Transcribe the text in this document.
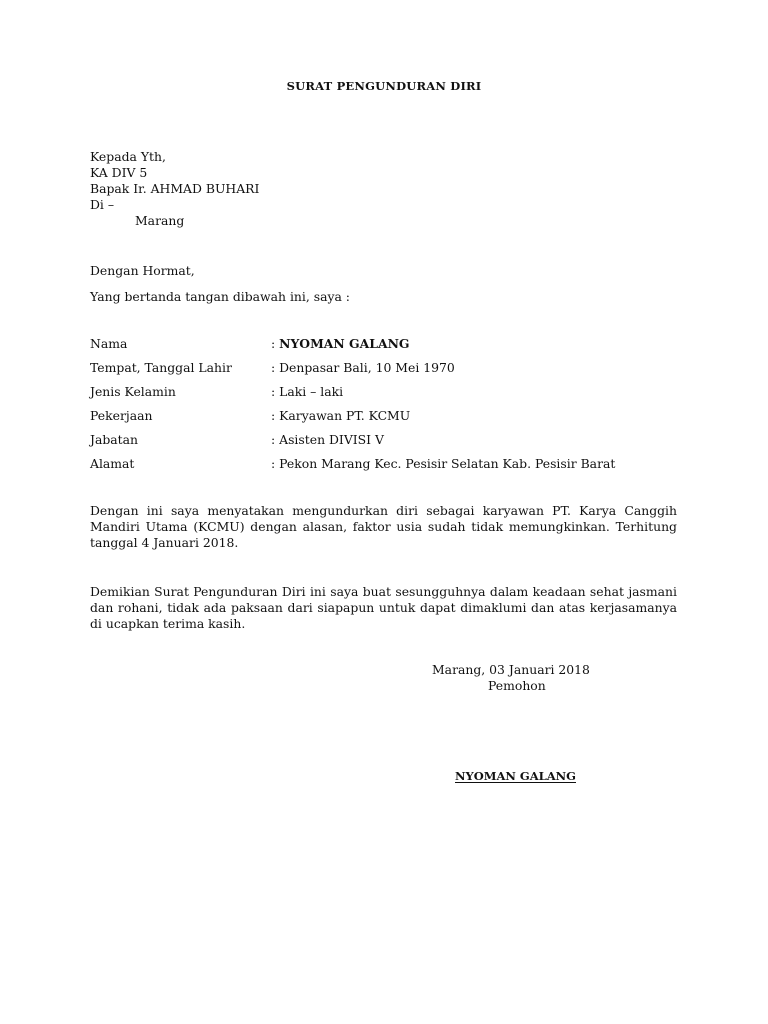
SURAT PENGUNDURAN DIRI
Kepada Yth,
KA DIV 5
Bapak Ir. AHMAD BUHARI
Di –
Marang
Dengan Hormat,
Yang bertanda tangan dibawah ini, saya :
Nama	: NYOMAN GALANG
Tempat, Tanggal Lahir	: Denpasar Bali, 10 Mei 1970
Jenis Kelamin	: Laki – laki
Pekerjaan	: Karyawan PT. KCMU
Jabatan	: Asisten DIVISI V
Alamat	: Pekon Marang Kec. Pesisir Selatan Kab. Pesisir Barat
Dengan ini saya menyatakan mengundurkan diri sebagai karyawan PT. Karya Canggih Mandiri Utama (KCMU) dengan alasan, faktor usia sudah tidak memungkinkan. Terhitung tanggal 4 Januari 2018.
Demikian Surat Pengunduran Diri ini saya buat sesungguhnya dalam keadaan sehat jasmani dan rohani, tidak ada paksaan dari siapapun untuk dapat dimaklumi dan atas kerjasamanya di ucapkan terima kasih.
Marang, 03 Januari 2018
Pemohon
NYOMAN GALANG
